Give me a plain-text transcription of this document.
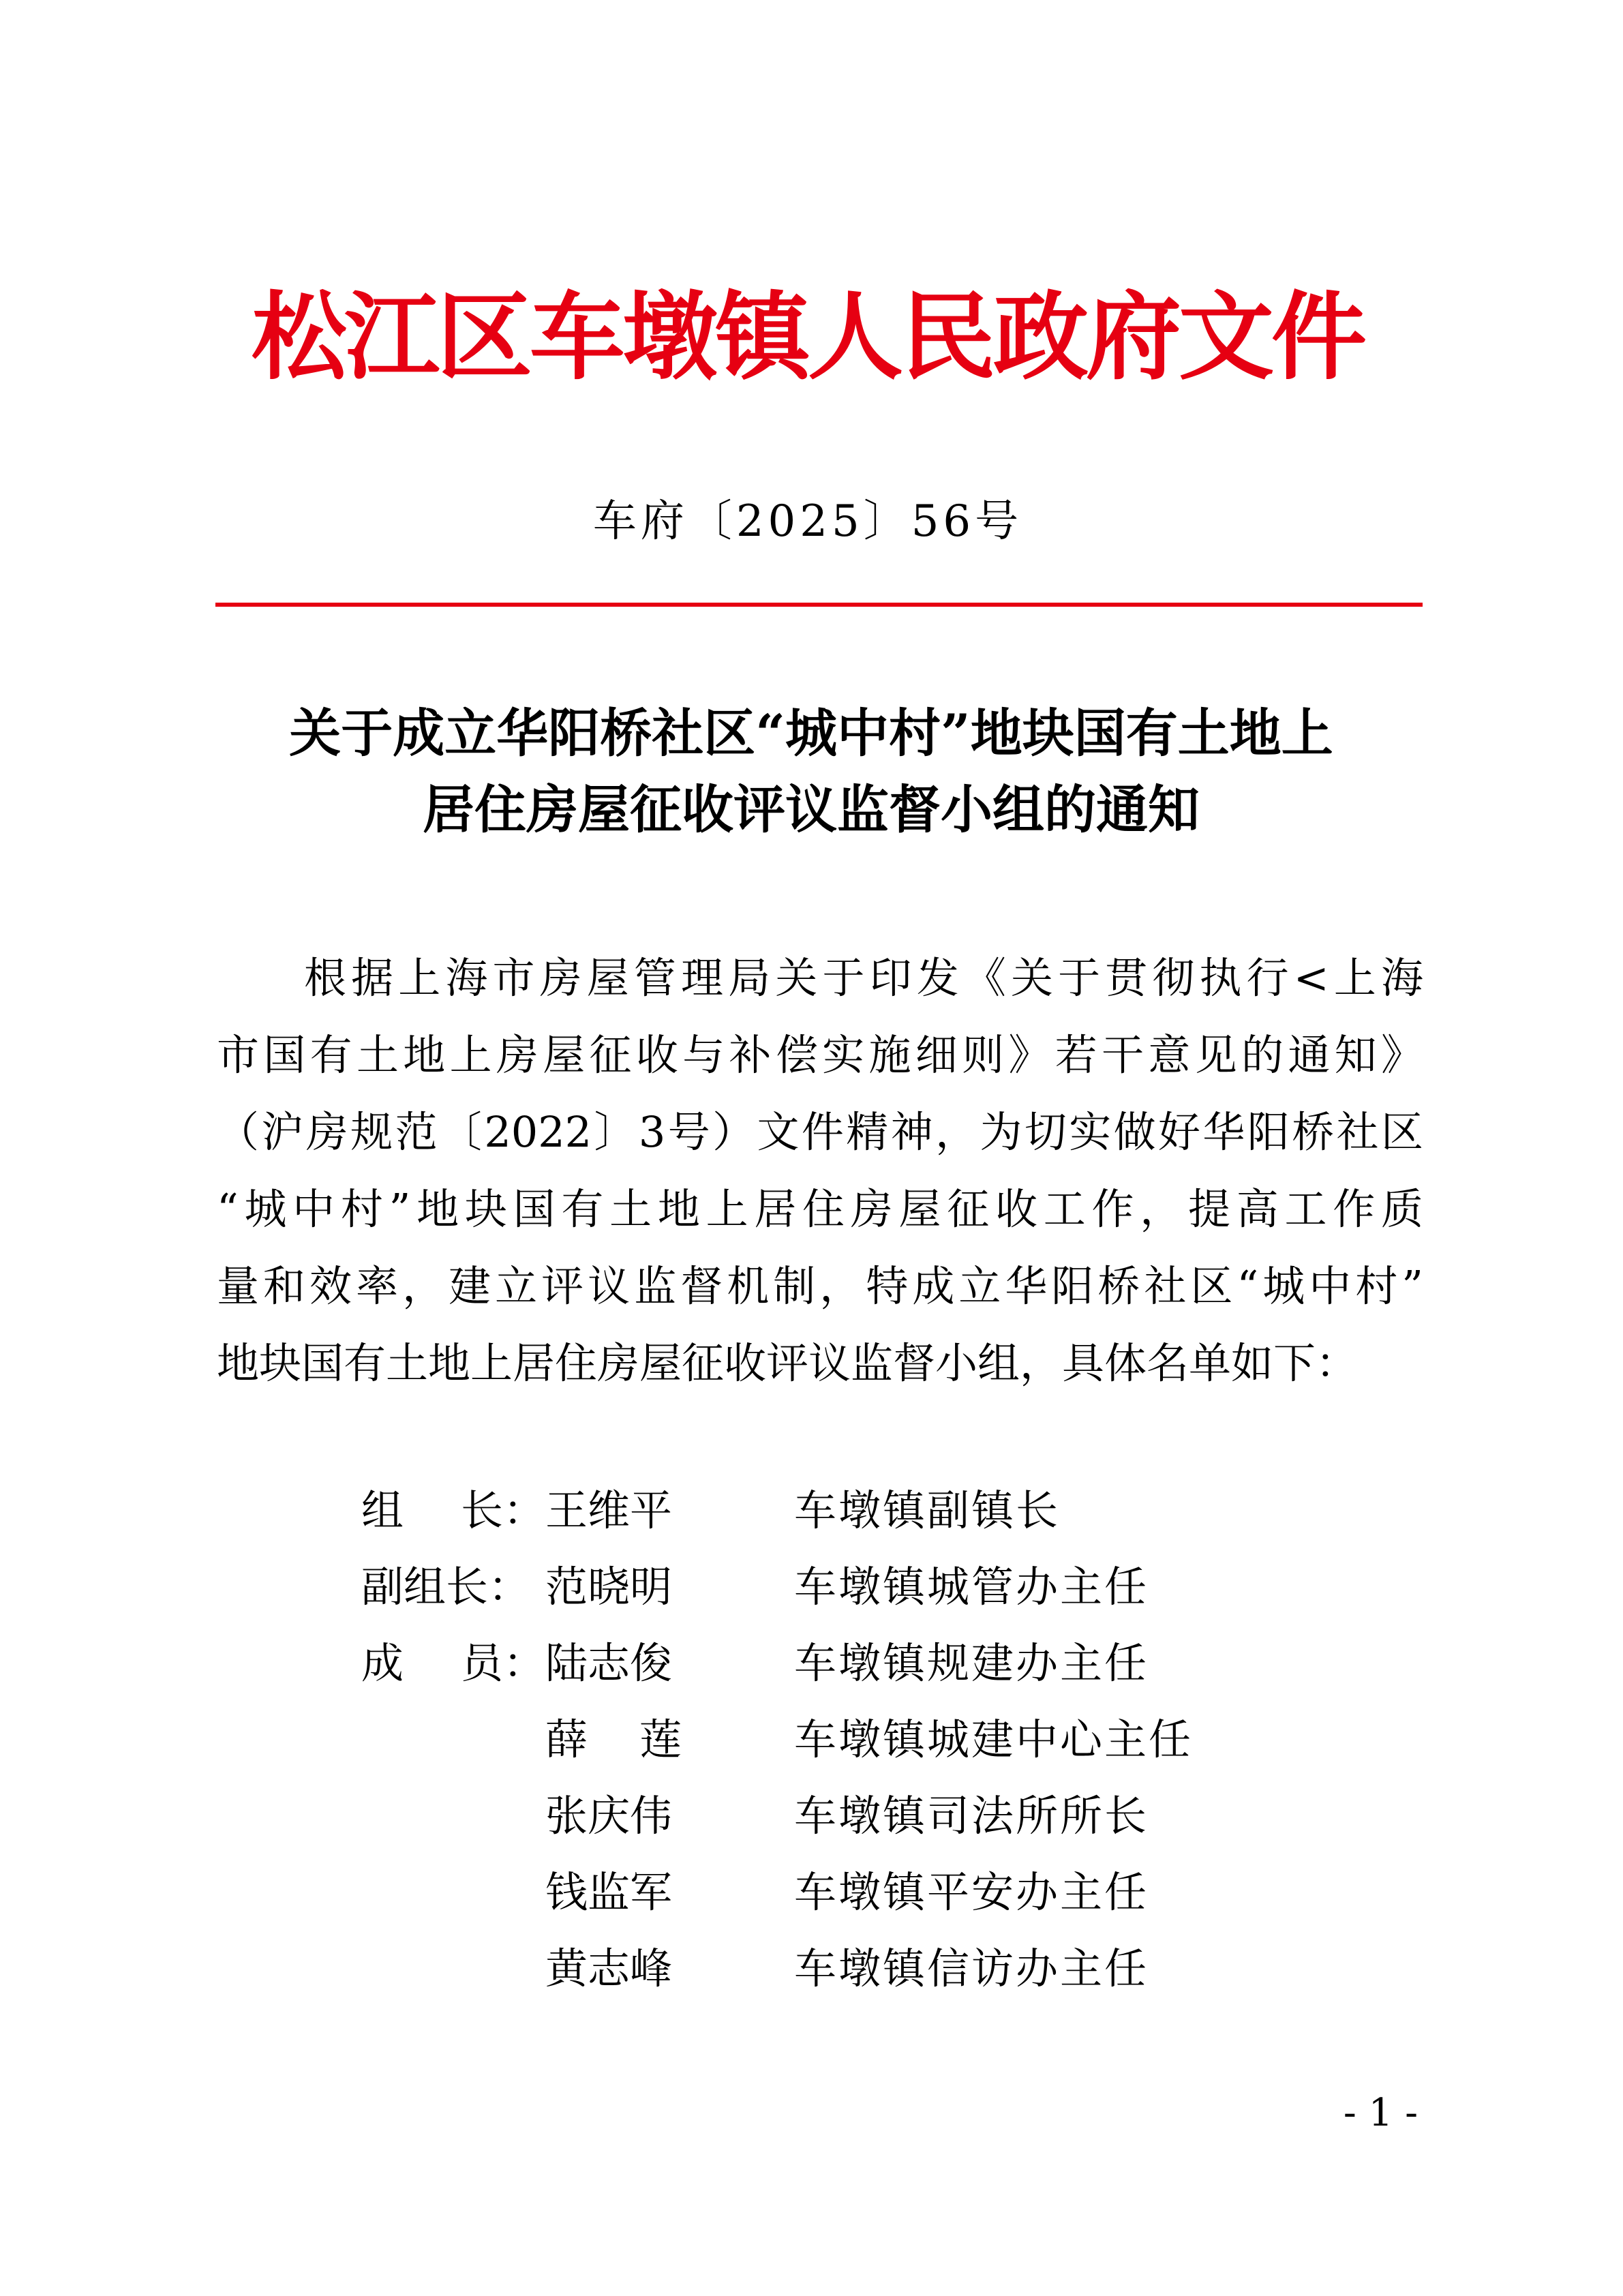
松江区车墩镇人民政府文件
车府〔2025〕56号
关于成立华阳桥社区“城中村”地块国有土地上
居住房屋征收评议监督小组的通知
根据上海市房屋管理局关于印发《关于贯彻执行<上海
市国有土地上房屋征收与补偿实施细则》若干意见的通知》
（沪房规范〔2022〕3号）文件精神，为切实做好华阳桥社区
“城中村”地块国有土地上居住房屋征收工作，提高工作质
量和效率，建立评议监督机制，特成立华阳桥社区“城中村”
地块国有土地上居住房屋征收评议监督小组，具体名单如下：
组 长： 王维平	车墩镇副镇长
副组长： 范晓明	车墩镇城管办主任
成 员： 陆志俊	车墩镇规建办主任
薛 莲	车墩镇城建中心主任
张庆伟	车墩镇司法所所长
钱监军	车墩镇平安办主任
黄志峰	车墩镇信访办主任
- 1 -
